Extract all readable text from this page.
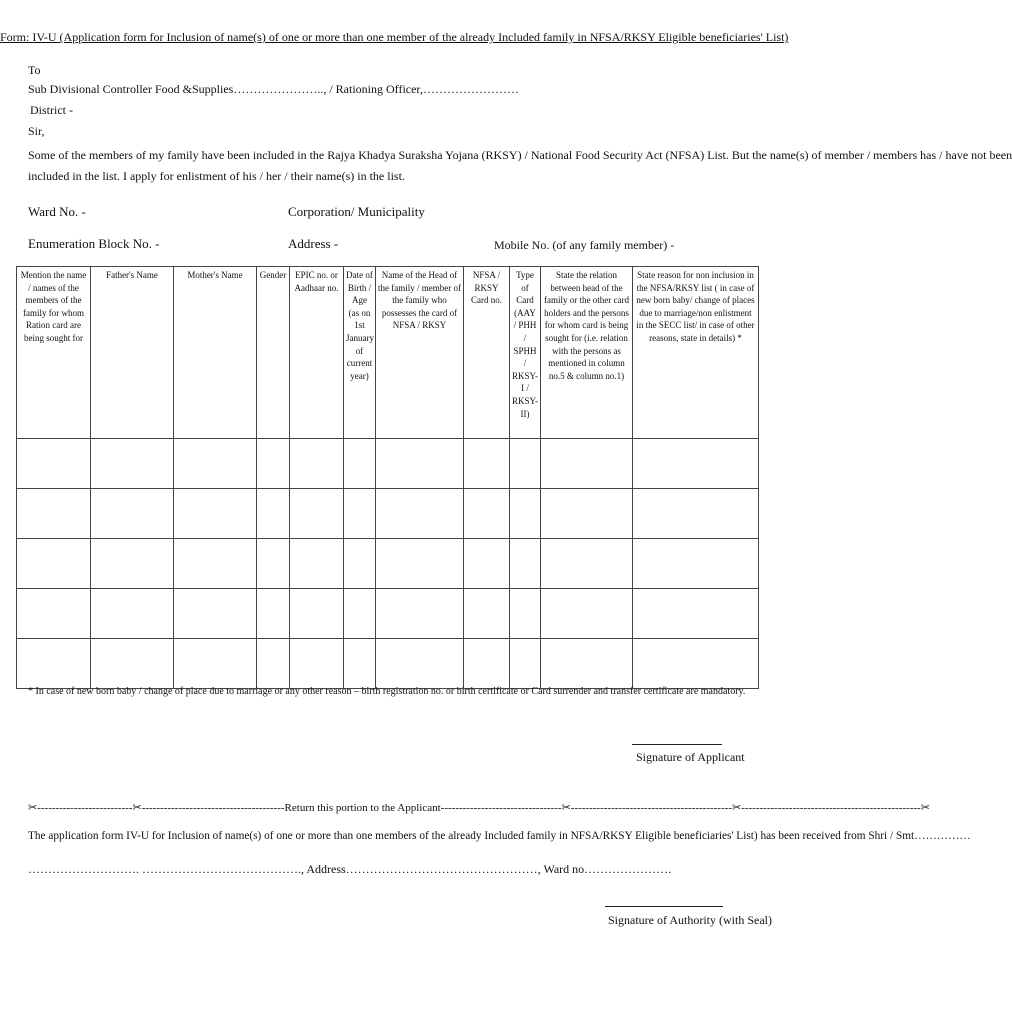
Form: IV-U (Application form for Inclusion of name(s) of one or more than one member of the already Included family in NFSA/RKSY Eligible beneficiaries' List)
To
Sub Divisional Controller Food &Supplies………………….., / Rationing Officer,……………………
District -
Sir,
Some of the members of my family have been included in the Rajya Khadya Suraksha Yojana (RKSY) / National Food Security Act (NFSA) List. But the name(s) of member / members has / have not been
included in the list. I apply for enlistment of his / her / their name(s) in the list.
Ward No. -	Corporation/ Municipality
Enumeration Block No. -	Address -	Mobile No. (of any family member) -
Mention the name / names of the members of the family for whom Ration card are being sought for	Father's Name	Mother's Name	Gender	EPIC no. or Aadhaar no.	Date of Birth / Age (as on 1st January of current year)	Name of the Head of the family / member of the family who possesses the card of NFSA / RKSY	NFSA / RKSY Card no.	Type of Card (AAY / PHH / SPHH / RKSY-I / RKSY-II)	State the relation between head of the family or the other card holders and the persons for whom card is being sought for (i.e. relation with the persons as mentioned in column no.5 & column no.1)	State reason for non inclusion in the NFSA/RKSY list ( in case of new born baby/ change of places due to marriage/non enlistment in the SECC list/ in case of other reasons, state in details) *

* In case of new born baby / change of place due to marriage or any other reason – birth registration no. or birth certificate or Card surrender and transfer certificate are mandatory.
Signature of Applicant
✂--------------------------✂---------------------------------------Return this portion to the Applicant---------------------------------✂--------------------------------------------✂-------------------------------------------------✂
The application form IV-U for Inclusion of name(s) of one or more than one members of the already Included family in NFSA/RKSY Eligible beneficiaries' List) has been received from Shri / Smt……………
………………………. …………………………………., Address…………………………………………, Ward no………………….
Signature of Authority (with Seal)
